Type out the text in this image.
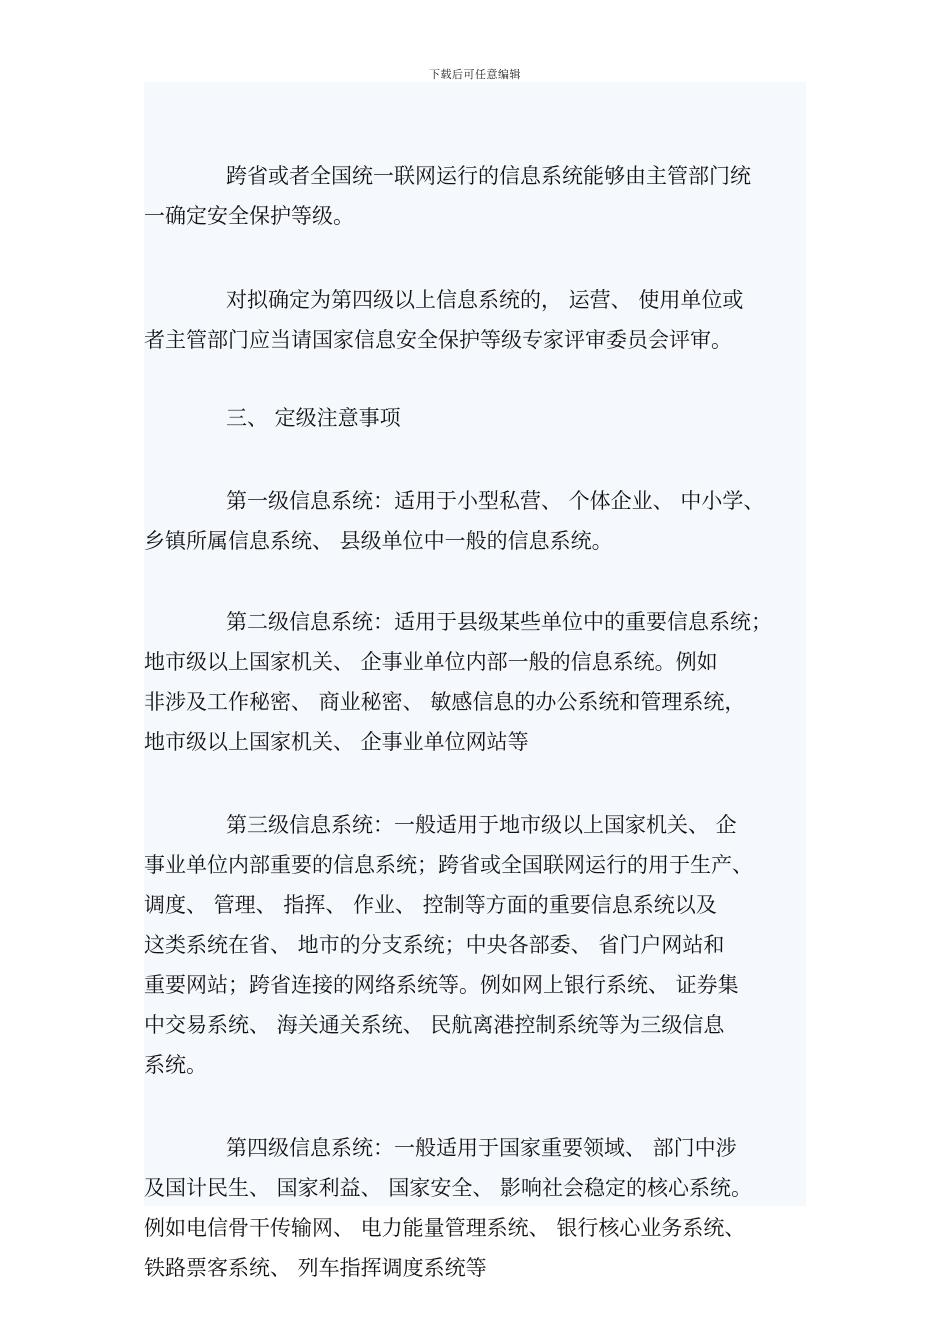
下载后可任意编辑

跨省或者全国统一联网运行的信息系统能够由主管部门统
一确定安全保护等级。

对拟确定为第四级以上信息系统的， 运营、 使用单位或
者主管部门应当请国家信息安全保护等级专家评审委员会评审。

三、 定级注意事项

第一级信息系统：适用于小型私营、 个体企业、 中小学、
乡镇所属信息系统、 县级单位中一般的信息系统。

第二级信息系统：适用于县级某些单位中的重要信息系统；
地市级以上国家机关、 企事业单位内部一般的信息系统。例如
非涉及工作秘密、 商业秘密、 敏感信息的办公系统和管理系统，
地市级以上国家机关、 企事业单位网站等

第三级信息系统：一般适用于地市级以上国家机关、 企
事业单位内部重要的信息系统；跨省或全国联网运行的用于生产、
调度、 管理、 指挥、 作业、 控制等方面的重要信息系统以及
这类系统在省、 地市的分支系统；中央各部委、 省门户网站和
重要网站；跨省连接的网络系统等。例如网上银行系统、 证券集
中交易系统、 海关通关系统、 民航离港控制系统等为三级信息
系统。

第四级信息系统：一般适用于国家重要领域、 部门中涉
及国计民生、 国家利益、 国家安全、 影响社会稳定的核心系统。
例如电信骨干传输网、 电力能量管理系统、 银行核心业务系统、
铁路票客系统、 列车指挥调度系统等
